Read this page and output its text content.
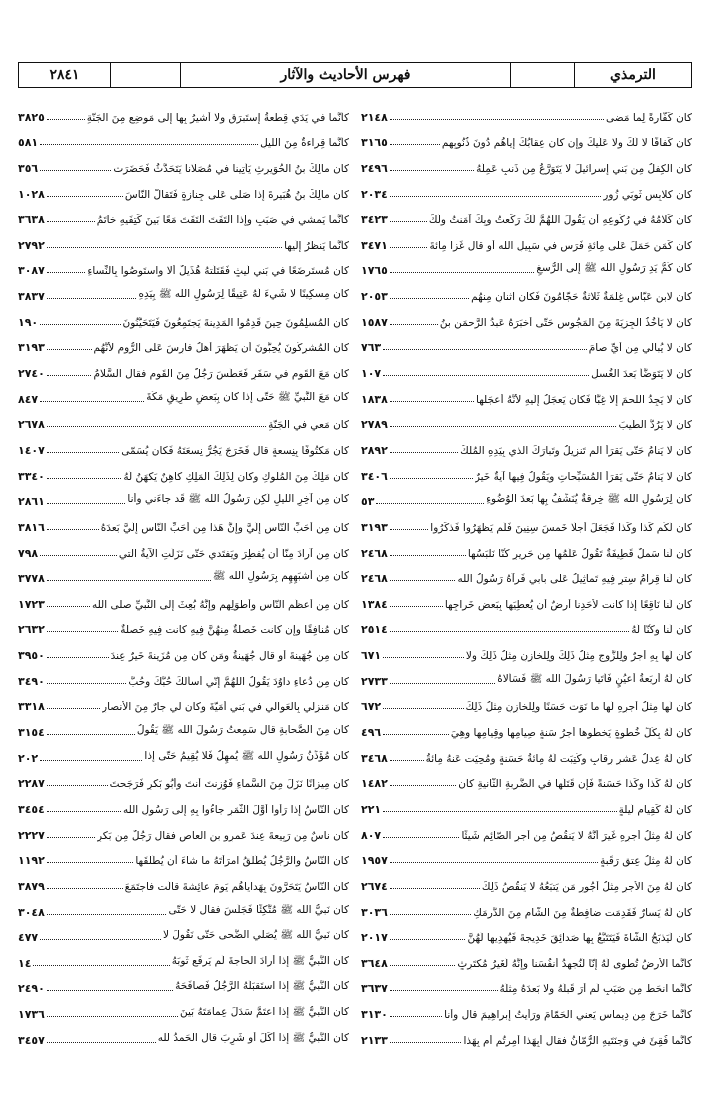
٢٨٤١	فهرس الأحاديث والآثار	الترمذي
كان كَفَّارةً لِما مَضى
٢١٤٨
كان كَفافًا لا لَكَ ولا عَلَيكَ وإن كان عِقابُكَ إياهُم دُونَ ذُنُوبِهِم
٣١٦٥
كان الكِفلُ مِن بَني إسرائيلَ لا يَتَوَرَّعُ مِن ذَنبٍ عَمِلَهُ
٢٤٩٦
كان كلابِسِ ثَوبَي زُورٍ
٢٠٣٤
كان كَلامُهُ في رُكُوعِهِ أن يَقُولَ اللهُمَّ لَكَ رَكَعتُ وبِكَ آمَنتُ ولَكَ
٣٤٢٣
كان كَمَن حَمَلَ عَلى مِائةِ فَرَسٍ في سَبِيلِ الله أو قال غَزا مِائةَ
٣٤٧١
كان كُمُّ يَدِ رَسُولِ الله ﷺ إلى الرُّسغِ
١٧٦٥
كان لابنِ عَبّاسٍ غِلمَةٌ ثَلاثةٌ حَجّامُونَ فَكان اثنانِ مِنهُم
٢٠٥٣
كان لا يَأخُذُ الجِزيَةَ مِنَ المَجُوسِ حَتّى أخبَرَهُ عَبدُ الرَّحمَنِ بنُ
١٥٨٧
كان لا يُبالي مِن أيِّ صامَ
٧٦٣
كان لا يَتَوَضَّأُ بَعدَ الغُسلِ
١٠٧
كان لا يَجِدُ اللَّحمَ إلّا غِبًّا فَكان يَعجَلُ إلَيهِ لأنَّهُ أعجَلُها
١٨٣٨
كان لا يَرُدُّ الطِّيبَ
٢٧٨٩
كان لا يَنامُ حَتّى يَقرَأَ الم تَنزِيلُ وتَبارَكَ الَّذي بِيَدِهِ المُلكُ
٢٨٩٢
كان لا يَنامُ حَتّى يَقرَأَ المُسَبِّحاتِ ويَقُولُ فِيها آيةٌ خَيرٌ
٣٤٠٦
كان لِرَسُولِ الله ﷺ خِرقةٌ يُنَشِّفُ بِها بَعدَ الوُضُوءِ
٥٣
كان لَكُم كَذا وكَذا فَجَعَلَ أجلًا خَمسَ سِنِينَ فَلَم يَظهَرُوا فَذكَرُوا
٣١٩٣
كان لَنا سَملٌ قَطِيفَةٌ تَقُولُ عَلَمُها مِن حَرِيرٍ كُنّا نَلبَسُها
٢٤٦٨
كان لَنا قِرامُ سِترٍ فِيهِ تَماثِيلُ عَلى بابي فَرآهُ رَسُولُ الله
٢٤٦٨
كان لَنا نَاقِعًا إذا كانت لأحَدِنا أرضٌ أن يُعطِيَها بِبَعضِ خَراجِها
١٣٨٤
كان لَنا وكُنّا لَهُ
٢٥١٤
كان لَها بِهِ أجرٌ ولِلزَّوجِ مِثلُ ذَلِكَ ولِلخازِنِ مِثلُ ذَلِكَ ولا
٦٧١
كان لَهُ أربَعةُ أعيُنٍ فَأتَيا رَسُولَ الله ﷺ فَسَألاهُ
٢٧٣٣
كان لَها مِثلُ أجرِهِ لَها ما نَوَت حَسَنًا ولِلخازِنِ مِثلُ ذَلِكَ
٦٧٢
كان لَهُ بِكُلِّ خُطوةٍ يَخطُوها أجرُ سَنةٍ صِيامِها وقِيامِها وهِيَ
٤٩٦
كان لَهُ عِدلُ عَشرِ رِقابٍ وكُتِبَت لَهُ مِائةُ حَسَنةٍ ومُحِيَت عَنهُ مِائةُ
٣٤٦٨
كان لَهُ كَذا وكَذا حَسَنةً فَإن قَتَلَها في الضَّربةِ الثّانيةِ كان
١٤٨٢
كان لَهُ كَقِيامِ لَيلةٍ
٢٢١
كان لَهُ مِثلُ أجرِهِ غَيرَ أنَّهُ لا يَنقُصُ مِن أجرِ الصّائِمِ شَيئًا
٨٠٧
كان لَهُ مِثلُ عِتقِ رَقَبةٍ
١٩٥٧
كان لَهُ مِنَ الأجرِ مِثلُ أُجُورِ مَن يَتبَعُهُ لا يَنقُصُ ذَلِكَ
٢٦٧٤
كان لَهُ يَسارٌ فَقَدِمَت ضافِطةٌ مِنَ الشّامِ مِنَ الدَّرمَكِ
٣٠٣٦
كان لَيَذبَحُ الشّاةَ فَيَتَتَبَّعُ بِها صَدائِقَ خَدِيجةَ فَيُهدِيها لَهُنَّ
٢٠١٧
كأنَّما الأرضُ تُطوى لَهُ إنّا لَنُجهِدُ أنفُسَنا وإنَّهُ لَغَيرُ مُكتَرِثٍ
٣٦٤٨
كأنَّما انحَطَّ مِن صَبَبٍ لَم أرَ قَبلَهُ ولا بَعدَهُ مِثلَهُ
٣٦٣٧
كأنَّما خَرَجَ مِن دِيماسٍ يَعني الحَمّامَ ورَأيتُ إبراهِيمَ قال وأنا
٣١٣٠
كأنَّما فُقِئَ في وَجنَتَيهِ الرُّمّانُ فقال أبِهَذا أُمِرتُم أم بِهَذا
٢١٣٣
كأنَّما في يَدَي قِطعةُ إستَبرَقٍ ولا أُشيرُ بِها إلى مَوضِعٍ مِنَ الجَنّةِ
٣٨٢٥
كأنَّما قِراءةٌ مِنَ اللَّيلِ
٥٨١
كان مالِكُ بنُ الحُوَيرِثِ يَأتِينا في مُصَلّانا يَتَحَدَّثُ فَحَضَرَت
٣٥٦
كان مالِكُ بنُ هُبَيرةَ إذا صَلّى عَلى جِنازةٍ فَتَقالَّ النّاسَ
١٠٢٨
كأنَّما يَمشي في صَبَبٍ وإذا التَفَتَ التَفَتَ مَعًا بَينَ كَتِفَيهِ خاتَمُ
٣٦٣٨
كأنَّما يَنظُرُ إلَيها
٢٧٩٢
كان مُستَرضَعًا في بَني لَيثٍ فَقَتَلَتهُ هُذَيلٌ ألا واستَوصُوا بِالنِّساءِ
٣٠٨٧
كان مِسكِينًا لا شَيءَ لَهُ عَتِيقًا لِرَسُولِ الله ﷺ بِيَدِهِ
٣٨٣٧
كان المُسلِمُونَ حِينَ قَدِمُوا المَدِينةَ يَجتَمِعُونَ فَيَتَحَيَّنُونَ
١٩٠
كان المُشرِكُونَ يُحِبُّونَ أن يَظهَرَ أهلُ فارِسَ عَلى الرُّومِ لأنَّهُم
٣١٩٣
كان مَعَ القَومِ في سَفَرٍ فَعَطَسَ رَجُلٌ مِنَ القَومِ فقال السَّلامُ
٢٧٤٠
كان مَعَ النَّبيِّ ﷺ حَتّى إذا كان بِبَعضِ طَرِيقِ مَكّةَ
٨٤٧
كان مَعي في الجَنّةِ
٢٦٧٨
كان مَكتُوفًا بِنِسعةٍ قال فَخَرَجَ يَجُرُّ نِسعَتَهُ فَكان يُسَمّى
١٤٠٧
كان مَلِكٌ مِنَ المُلُوكِ وكان لِذَلِكَ المَلِكِ كاهِنٌ يَكهَنُ لَهُ
٣٣٤٠
كان مِن آخِرِ اللَّيلِ لَكِن رَسُولُ الله ﷺ قَد جاءَني وأنا
٢٨٦١
كان مِن أحَبِّ النّاسِ إلَيَّ وإنَّ هَذا مِن أحَبِّ النّاسِ إلَيَّ بَعدَهُ
٣٨١٦
كان مِن آرادَ مِنّا أن يُفطِرَ ويَفتَدي حَتّى نَزَلَتِ الآيةُ الَّتي
٧٩٨
كان مِن أشبَهِهِم بِرَسُولِ الله ﷺ
٣٧٧٨
كان مِن أعظَمِ النّاسِ وأطوَلِهِم وإنَّهُ بُعِثَ إلى النَّبيِّ صلى الله
١٧٢٣
كان مُنافِقًا وإن كانت خَصلةٌ مِنهُنَّ فِيهِ كانت فِيهِ خَصلةٌ
٢٦٣٢
كان مِن جُهَينةَ أو قال جُهَينةُ ومَن كان مِن مُزَينةَ خَيرٌ عِندَ
٣٩٥٠
كان مِن دُعاءِ داوُدَ يَقُولُ اللهُمَّ إنّي أسألُكَ حُبَّكَ وحُبَّ
٣٤٩٠
كان مَنزِلي بِالعَوالي في بَني أُمَيّةَ وكان لي جارٌ مِنَ الأنصارِ
٣٣١٨
كان مِنَ الصَّحابةِ قال سَمِعتُ رَسُولَ الله ﷺ يَقُولُ
٣١٥٤
كان مُؤَذِّنُ رَسُولِ الله ﷺ يُمهِلُ فَلا يُقِيمُ حَتّى إذا
٢٠٢
كان مِيزانًا نَزَلَ مِنَ السَّماءِ فَوُزِنتَ أنتَ وأبُو بَكرٍ فَرَجَحتَ
٢٢٨٧
كان النّاسُ إذا رَأَوا أوَّلَ الثَّمَرِ جاءُوا بِهِ إلى رَسُولِ الله
٣٤٥٤
كان ناسٌ مِن رَبِيعةَ عِندَ عَمرِو بنِ العاصِ فقال رَجُلٌ مِن بَكرٍ
٢٢٢٧
كان النّاسُ والرَّجُلُ يُطَلِّقُ امرَأتَهُ ما شاءَ أن يُطَلِّقَها
١١٩٢
كان النّاسُ يَتَحَرَّونَ بِهَداياهُم يَومَ عائِشةَ قالَت فاجتَمَعَ
٣٨٧٩
كان نَبيُّ الله ﷺ مُتَّكِئًا فَجَلَسَ فقال لا حَتّى
٣٠٤٨
كان نَبيُّ الله ﷺ يُصَلّي الضُّحى حَتّى نَقُولَ لا
٤٧٧
كان النَّبيُّ ﷺ إذا أرادَ الحاجةَ لَم يَرفَع ثَوبَهُ
١٤
كان النَّبيُّ ﷺ إذا استَقبَلَهُ الرَّجُلُ فَصافَحَهُ
٢٤٩٠
كان النَّبيُّ ﷺ إذا اعتَمَّ سَدَلَ عِمامَتَهُ بَينَ
١٧٣٦
كان النَّبيُّ ﷺ إذا أكَلَ أو شَرِبَ قال الحَمدُ لله
٣٤٥٧
